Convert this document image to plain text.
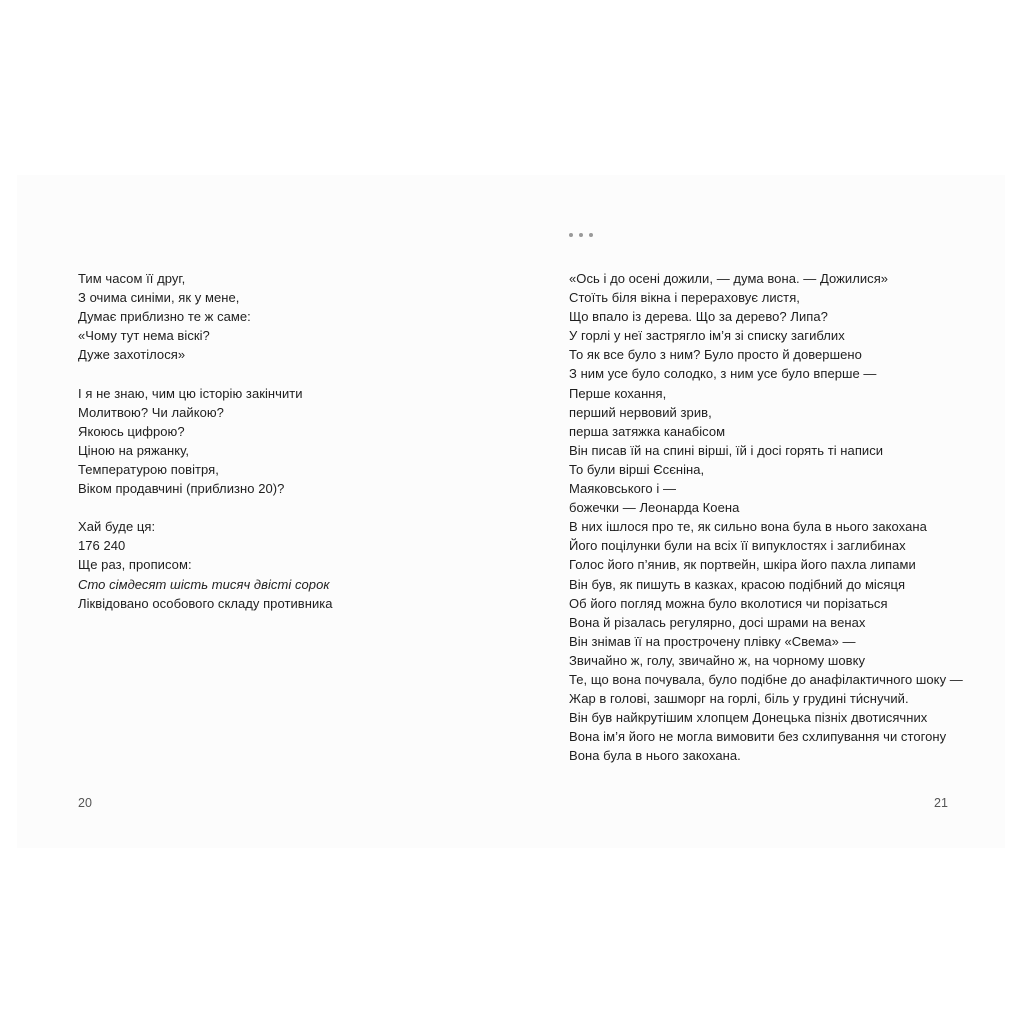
Тим часом її друг,
З очима синіми, як у мене,
Думає приблизно те ж саме:
«Чому тут нема віскі?
Дуже захотілося»
І я не знаю, чим цю історію закінчити
Молитвою? Чи лайкою?
Якоюсь цифрою?
Ціною на ряжанку,
Температурою повітря,
Віком продавчині (приблизно 20)?
Хай буде ця:
176 240
Ще раз, прописом:
Сто сімдесят шість тисяч двісті сорок
Ліквідовано особового складу противника
«Ось і до осені дожили, — дума вона. — Дожилися»
Стоїть біля вікна і перераховує листя,
Що впало із дерева. Що за дерево? Липа?
У горлі у неї застрягло ім’я зі списку загиблих
То як все було з ним? Було просто й довершено
З ним усе було солодко, з ним усе було вперше —
Перше кохання,
перший нервовий зрив,
перша затяжка канабісом
Він писав їй на спині вірші, їй і досі горять ті написи
То були вірші Єсєніна,
Маяковського і —
божечки — Леонарда Коена
В них ішлося про те, як сильно вона була в нього закохана
Його поцілунки були на всіх її випуклостях і заглибинах
Голос його п’янив, як портвейн, шкіра його пахла липами
Він був, як пишуть в казках, красою подібний до місяця
Об його погляд можна було вколотися чи порізаться
Вона й різалась регулярно, досі шрами на венах
Він знімав її на прострочену плівку «Свема» —
Звичайно ж, голу, звичайно ж, на чорному шовку
Те, що вона почувала, було подібне до анафілактичного шоку —
Жар в голові, зашморг на горлі, біль у грудині ти́снучий.
Він був найкрутішим хлопцем Донецька пізніх двотисячних
Вона ім’я його не могла вимовити без схлипування чи стогону
Вона була в нього закохана.
20	21
